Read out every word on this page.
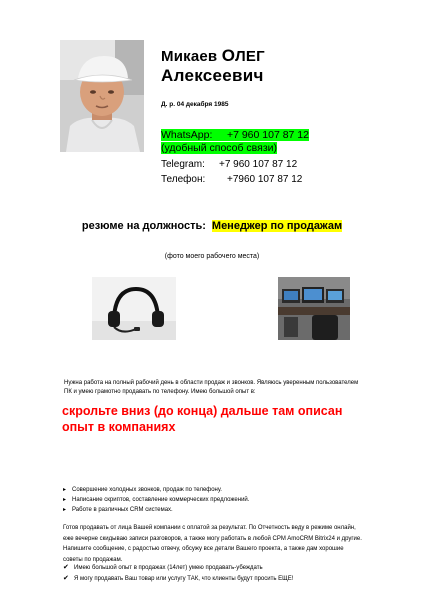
Микаев ОЛЕГ
Алексеевич
Д. р. 04 декабря 1985
WhatsApp: +7 960 107 87 12
(удобный способ связи)
Telegram: +7 960 107 87 12
Телефон: +7960 107 87 12
резюме на должность: Менеджер по продажам
(фото моего рабочего места)
Нужна работа на полный рабочий день в области продаж и звонков. Являюсь уверенным пользователем ПК и умею грамотно продавать по телефону. Имею большой опыт в:
скрольте вниз (до конца) дальше там описан опыт в компаниях
▸ Совершение холодных звонков, продаж по телефону.
▸ Написание скриптов, составление коммерческих предложений.
▸ Работе в различных CRM системах.
Готов продавать от лица Вашей компании с оплатой за результат. По Отчетность веду в режиме онлайн, еже вечерне скидываю записи разговоров, а также могу работать в любой CPM AmoCRM Bitrix24 и другие. Напишите сообщение, с радостью отвечу, обсужу все детали Вашего проекта, а также дам хорошие советы по продажам.
✔ Имею большой опыт в продажах (14лет) умею продавать-убеждать
✔ Я могу продавать Ваш товар или услугу ТАК, что клиенты будут просить ЕЩЕ!
